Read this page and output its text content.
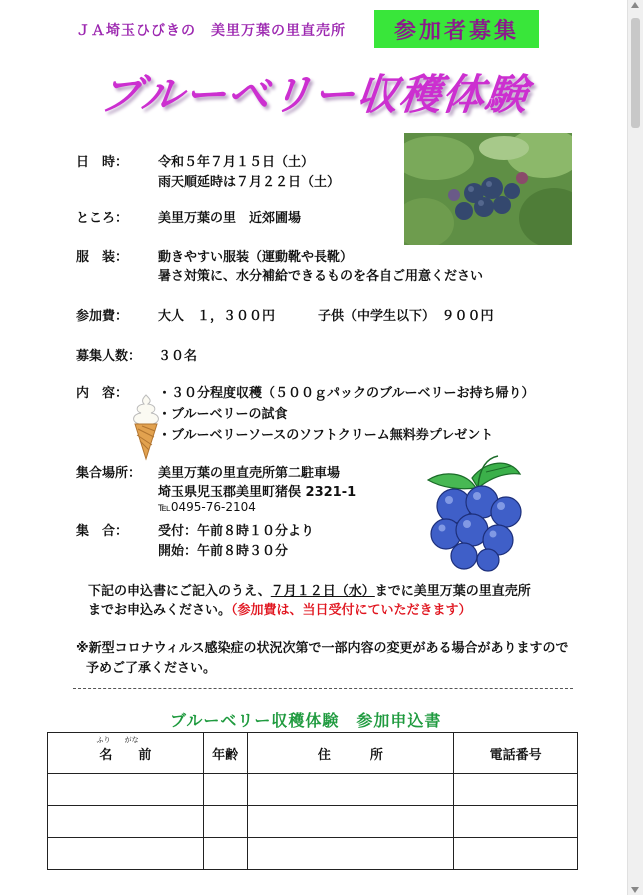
ＪＡ埼玉ひびきの　美里万葉の里直売所	参加者募集
ブルーベリー収穫体験
日　時： 令和５年７月１５日（土）
雨天順延時は７月２２日（土）
ところ： 美里万葉の里　近郊圃場
服　装： 動きやすい服装（運動靴や長靴）
暑さ対策に、水分補給できるものを各自ご用意ください
参加費： 大人　１，３００円	子供（中学生以下）　９００円
募集人数： ３０名
内　容： ・３０分程度収穫（５００ｇパックのブルーベリーお持ち帰り）
・ブルーベリーの試食
・ブルーベリーソースのソフトクリーム無料券プレゼント
集合場所： 美里万葉の里直売所第二駐車場
埼玉県児玉郡美里町猪俣 2321-1
℡0495-76-2104
集　合： 受付：午前８時１０分より
開始：午前８時３０分
下記の申込書にご記入のうえ、７月１２日（水）までに美里万葉の里直売所
までお申込みください。（参加費は、当日受付にていただきます）
※新型コロナウィルス感染症の状況次第で一部内容の変更がある場合がありますので
予めご了承ください。
ブルーベリー収穫体験　参加申込書
ふり がな
名　　前	年齢	住　　　所	電話番号
